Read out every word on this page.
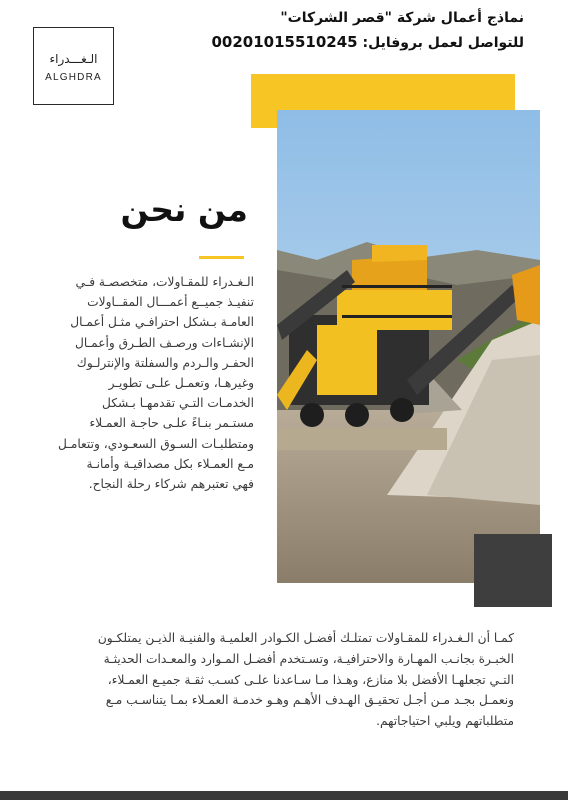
نماذج أعمال شركة "قصر الشركات"
للتواصل لعمل بروفايل: 00201015510245
الـغـــدراء
ALGHDRA
من نحن
الـغـدراء للمقـاولات، متخصصـة فـي
تنفيـذ جميــع أعمـــال المقــاولات
العامـة بـشكل احترافـي مثـل أعمـال
الإنشـاءات ورصـف الطـرق وأعمـال
الحفـر والـردم والسفلتة والإنترلـوك
وغيرهـا، وتعمـل علـى تطويـر
الخدمـات التـي تقدمهـا بـشكل
مستـمر بنـاءً علـى حاجـة العمـلاء
ومتطلبـات السـوق السعـودي، وتتعامـل
مـع العمـلاء بكل مصداقيـة وأمانـة
فهي تعتبرهم شركاء رحلة النجاح.
كمـا أن الـغـدراء للمقـاولات تمتلـك أفضـل الكـوادر العلميـة والفنيـة الذيـن يمتلكـون
الخبـرة بجانـب المهـارة والاحترافيـة، وتسـتخدم أفضـل المـوارد والمعـدات الحديثـة
التـي تجعلهـا الأفضل بلا منازع، وهـذا مـا سـاعدنا علـى كسـب ثقـة جميـع العمـلاء،
ونعمـل بجـد مـن أجـل تحقيـق الهـدف الأهـم وهـو خدمـة العمـلاء بمـا يتناسـب مـع
متطلباتهم ويلبي احتياجاتهم.
